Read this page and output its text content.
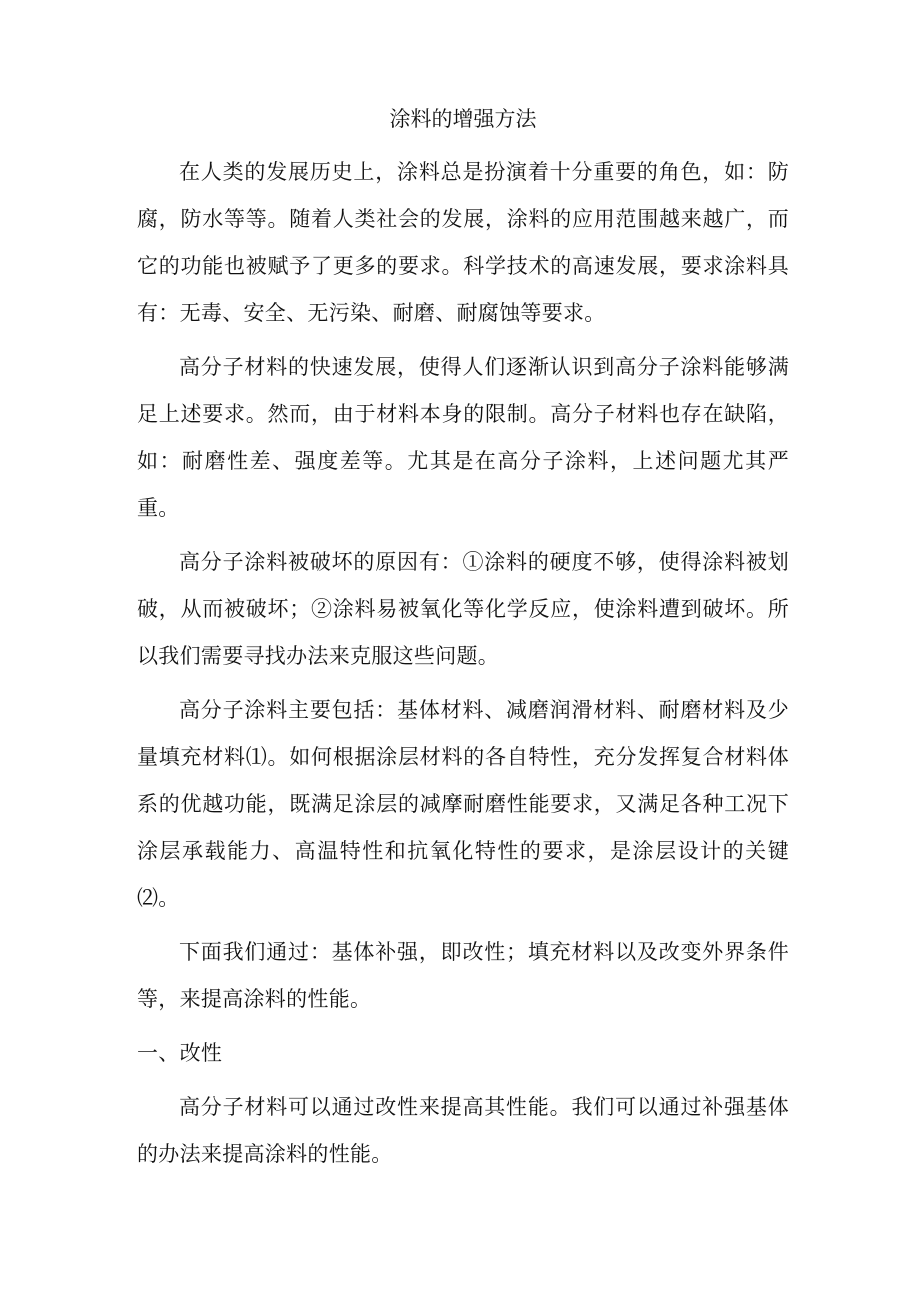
涂料的增强方法

在人类的发展历史上，涂料总是扮演着十分重要的角色，如：防腐，防水等等。随着人类社会的发展，涂料的应用范围越来越广，而它的功能也被赋予了更多的要求。科学技术的高速发展，要求涂料具有：无毒、安全、无污染、耐磨、耐腐蚀等要求。

高分子材料的快速发展，使得人们逐渐认识到高分子涂料能够满足上述要求。然而，由于材料本身的限制。高分子材料也存在缺陷，如：耐磨性差、强度差等。尤其是在高分子涂料，上述问题尤其严重。

高分子涂料被破坏的原因有：①涂料的硬度不够，使得涂料被划破，从而被破坏；②涂料易被氧化等化学反应，使涂料遭到破坏。所以我们需要寻找办法来克服这些问题。

高分子涂料主要包括：基体材料、减磨润滑材料、耐磨材料及少量填充材料⑴。如何根据涂层材料的各自特性，充分发挥复合材料体系的优越功能，既满足涂层的减摩耐磨性能要求，又满足各种工况下涂层承载能力、高温特性和抗氧化特性的要求，是涂层设计的关键⑵。

下面我们通过：基体补强，即改性；填充材料以及改变外界条件等，来提高涂料的性能。

一、改性

高分子材料可以通过改性来提高其性能。我们可以通过补强基体的办法来提高涂料的性能。
